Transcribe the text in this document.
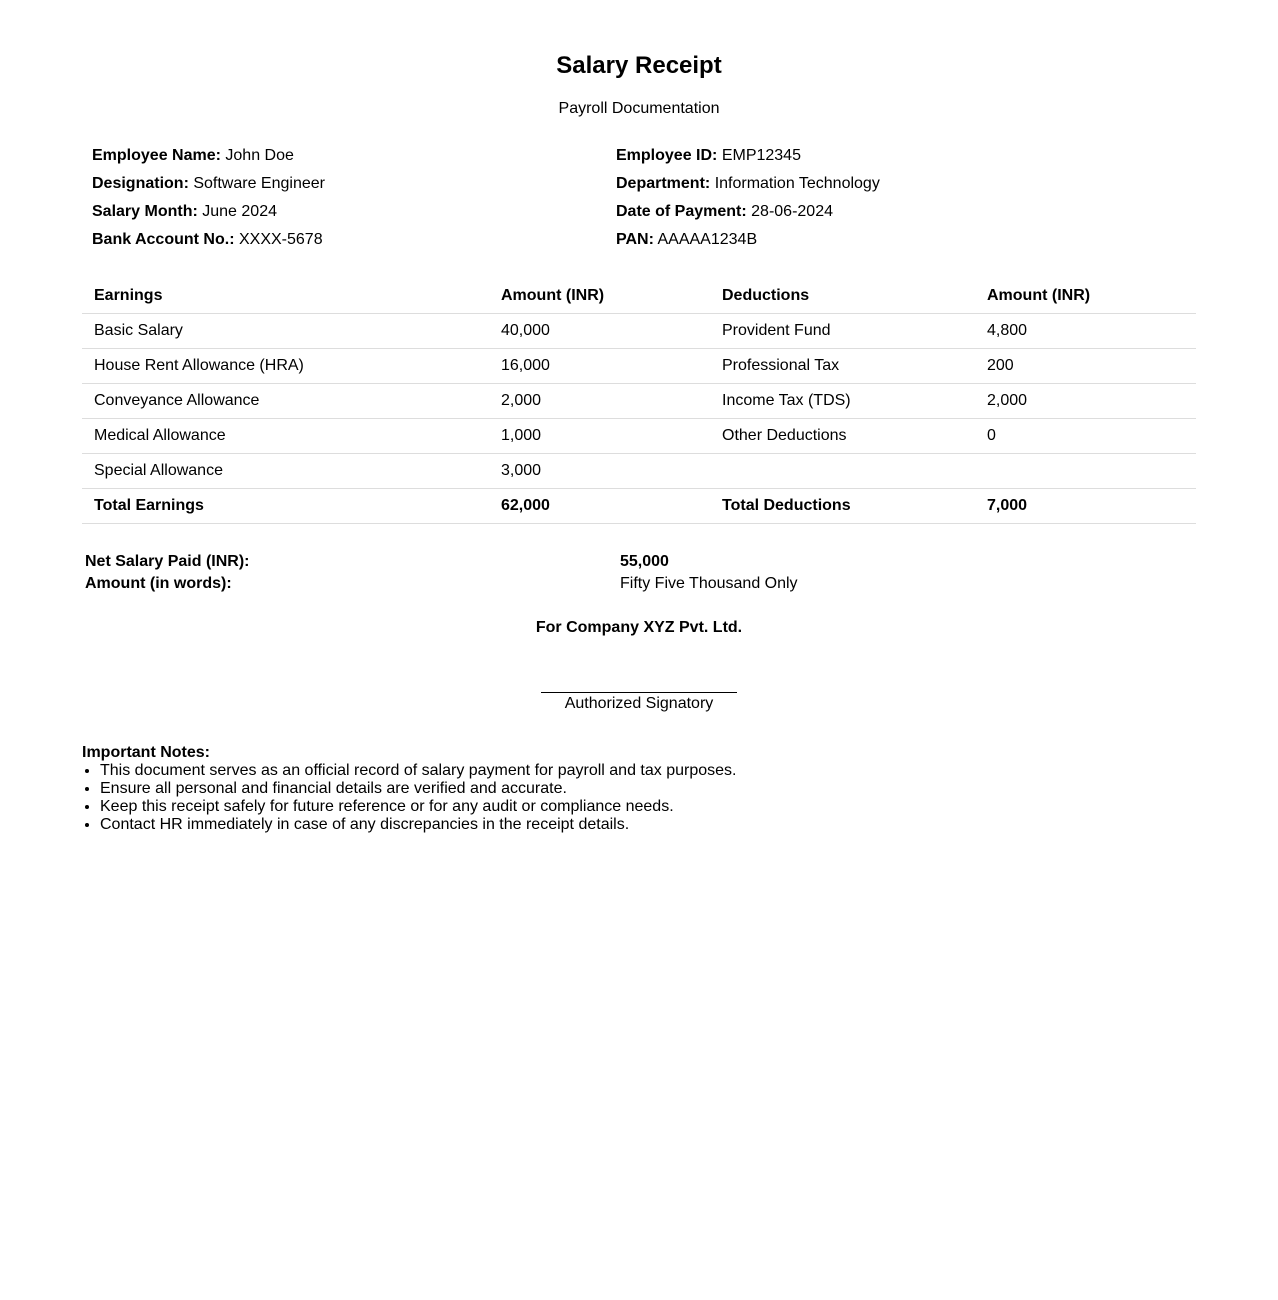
Salary Receipt
Payroll Documentation
Employee Name: John Doe	Employee ID: EMP12345
Designation: Software Engineer	Department: Information Technology
Salary Month: June 2024	Date of Payment: 28-06-2024
Bank Account No.: XXXX-5678	PAN: AAAAA1234B
Earnings	Amount (INR)	Deductions	Amount (INR)
Basic Salary	40,000	Provident Fund	4,800
House Rent Allowance (HRA)	16,000	Professional Tax	200
Conveyance Allowance	2,000	Income Tax (TDS)	2,000
Medical Allowance	1,000	Other Deductions	0
Special Allowance	3,000		
Total Earnings	62,000	Total Deductions	7,000
Net Salary Paid (INR):	55,000
Amount (in words):	Fifty Five Thousand Only
For Company XYZ Pvt. Ltd.
Authorized Signatory
Important Notes:
• This document serves as an official record of salary payment for payroll and tax purposes.
• Ensure all personal and financial details are verified and accurate.
• Keep this receipt safely for future reference or for any audit or compliance needs.
• Contact HR immediately in case of any discrepancies in the receipt details.
